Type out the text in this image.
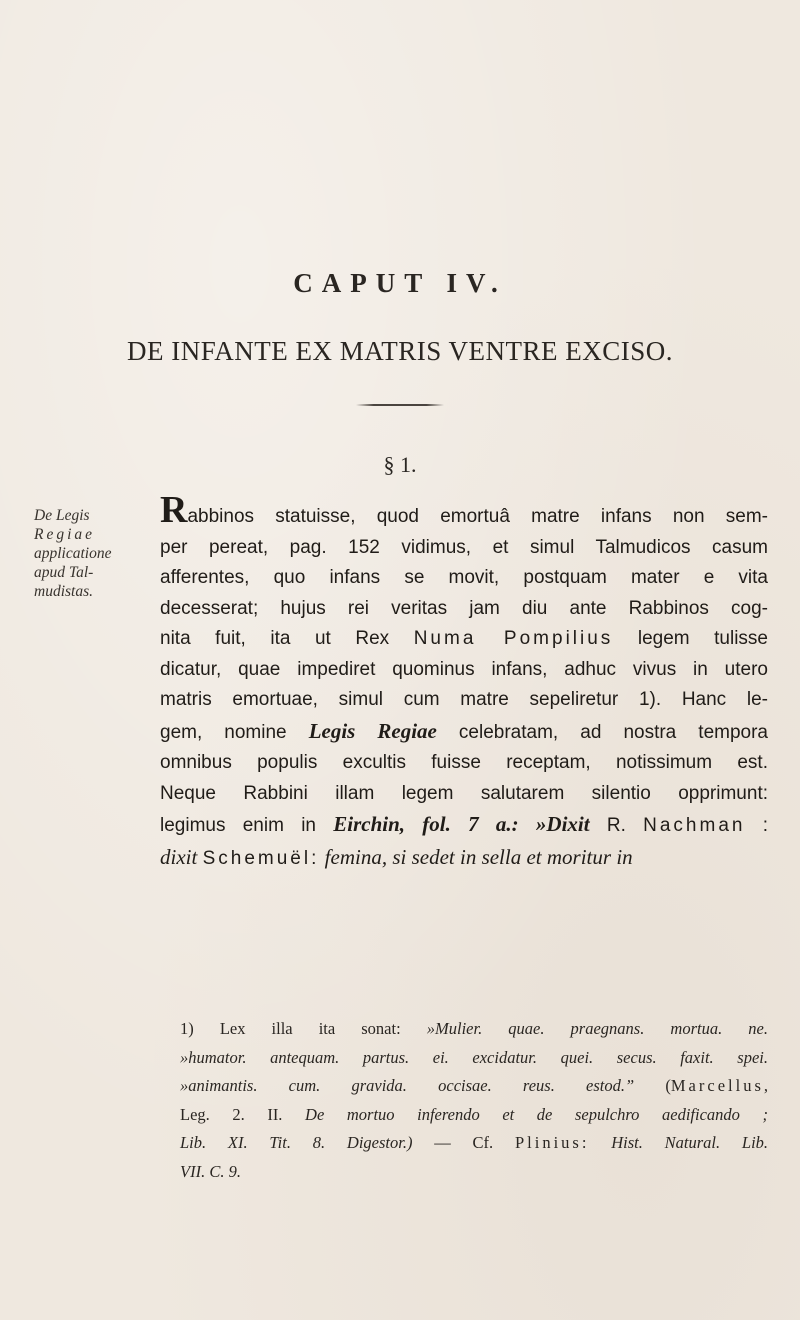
CAPUT IV.
DE INFANTE EX MATRIS VENTRE EXCISO.
§ 1.
De Legis
Regiae
applicatione
apud Tal-
mudistas.
Rabbinos statuisse, quod emortuâ matre infans non sem-
per pereat, pag. 152 vidimus, et simul Talmudicos casum
afferentes, quo infans se movit, postquam mater e vita
decesserat; hujus rei veritas jam diu ante Rabbinos cog-
nita fuit, ita ut Rex Numa Pompilius legem tulisse
dicatur, quae impediret quominus infans, adhuc vivus in utero
matris emortuae, simul cum matre sepeliretur 1). Hanc le-
gem, nomine Legis Regiae celebratam, ad nostra tempora
omnibus populis excultis fuisse receptam, notissimum est.
Neque Rabbini illam legem salutarem silentio opprimunt:
legimus enim in Eirchin, fol. 7 a.: »Dixit R. Nachman :
dixit Schemuël: femina, si sedet in sella et moritur in
1) Lex illa ita sonat: »Mulier. quae. praegnans. mortua. ne.
»humator. antequam. partus. ei. excidatur. quei. secus. faxit. spei.
»animantis. cum. gravida. occisae. reus. estod.” (Marcellus,
Leg. 2. II. De mortuo inferendo et de sepulchro aedificando ;
Lib. XI. Tit. 8. Digestor.) — Cf. Plinius: Hist. Natural. Lib.
VII. C. 9.
